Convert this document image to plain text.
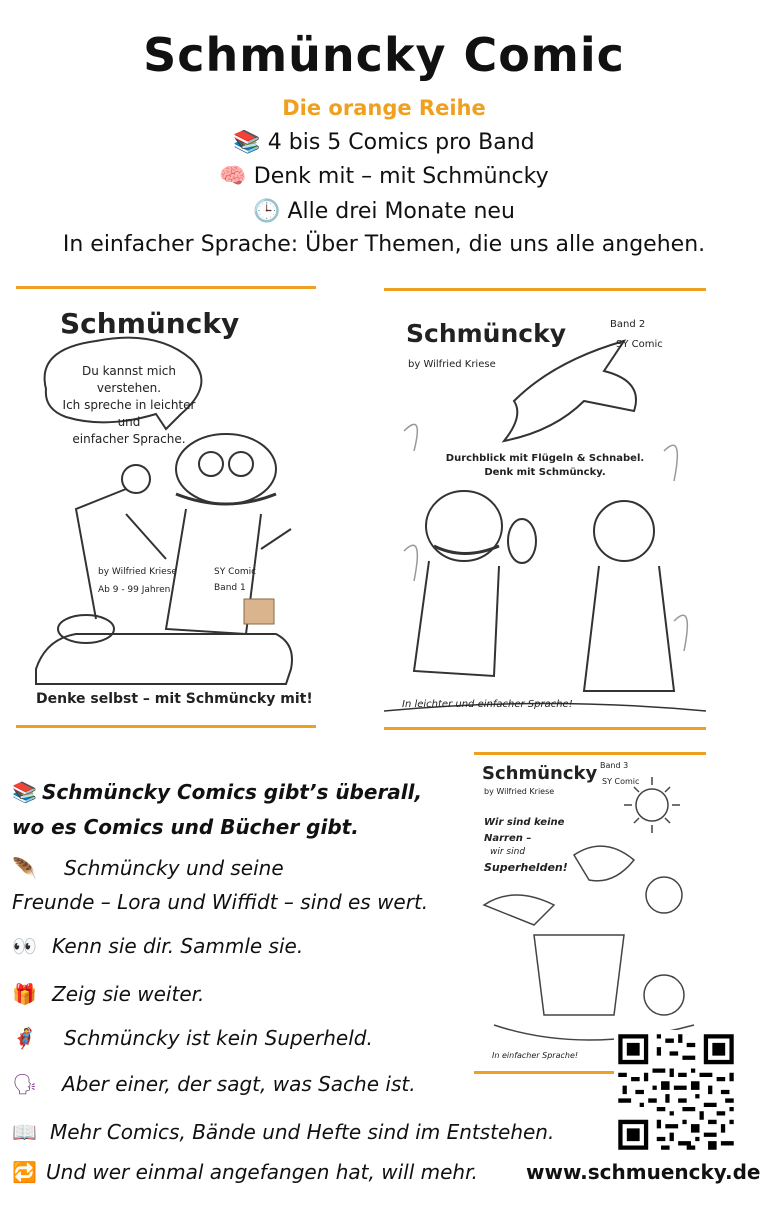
Schmüncky Comic
Die orange Reihe
📚 4 bis 5 Comics pro Band
🧠 Denk mit – mit Schmüncky
🕒 Alle drei Monate neu
In einfacher Sprache: Über Themen, die uns alle angehen.
Schmüncky
Du kannst mich verstehen.
Ich spreche in leichter und
einfacher Sprache.
by Wilfried Kriese
Ab 9 - 99 Jahren
SY Comic
Band 1
Denke selbst – mit Schmüncky mit!
Schmüncky	Band 2
SY Comic
by Wilfried Kriese
Durchblick mit Flügeln & Schnabel.
Denk mit Schmüncky.
In leichter und einfacher Sprache!
Schmüncky Band 3
SY Comic
by Wilfried Kriese
Wir sind keine
Narren –
wir sind
Superhelden!
In einfacher Sprache!
📚 Schmüncky Comics gibt’s überall,
wo es Comics und Bücher gibt.
🪶 Schmüncky und seine
Freunde – Lora und Wiffidt – sind es wert.
👀 Kenn sie dir. Sammle sie.
🎁 Zeig sie weiter.
🦸 Schmüncky ist kein Superheld.
🗣 Aber einer, der sagt, was Sache ist.
📖 Mehr Comics, Bände und Hefte sind im Entstehen.
🔁 Und wer einmal angefangen hat, will mehr. www.schmuencky.de
